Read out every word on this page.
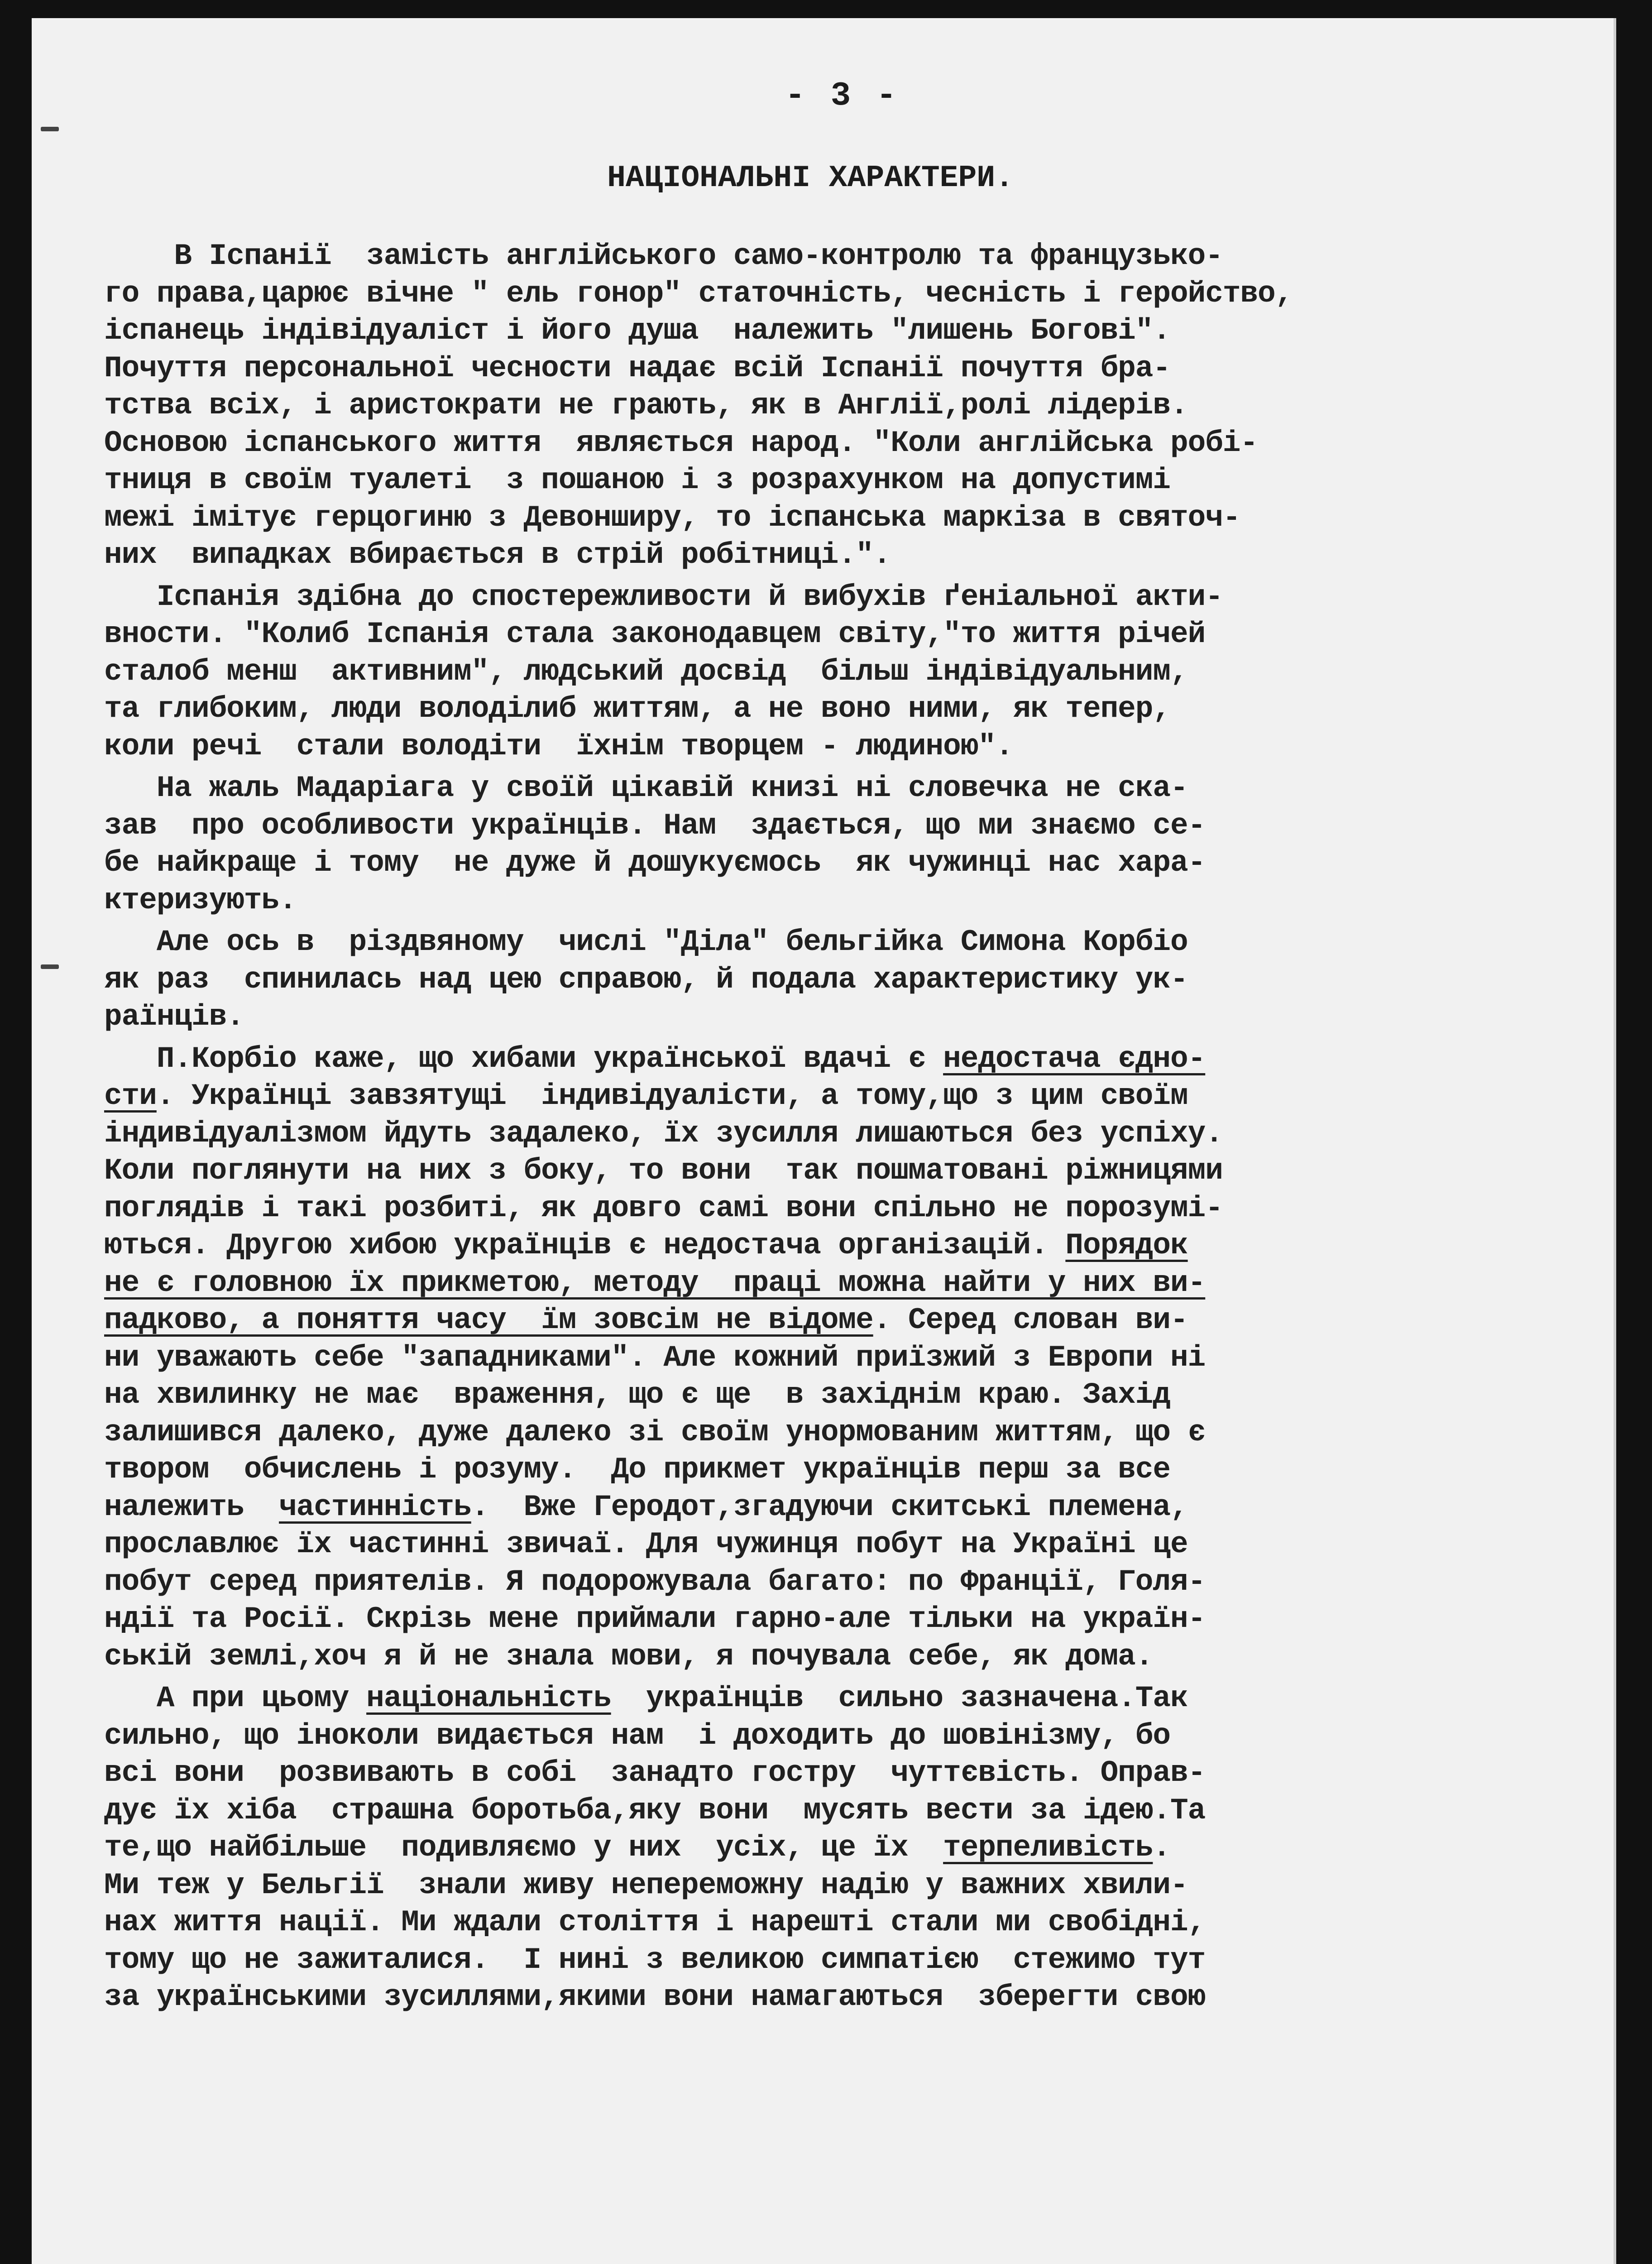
- 3 -
НАЦІОНАЛЬНІ ХАРАКТЕРИ.
В Іспанії  замість англійського само-контролю та французько-
го права,царює вічне " ель гонор" статочність, чесність і геройство,
іспанець індівідуаліст і його душа  належить "лишень Богові".
Почуття персональної чесности надає всій Іспанії почуття бра-
тства всіх, і аристократи не грають, як в Англії,ролі лідерів.
Основою іспанського життя  являється народ. "Коли англійська робі-
тниця в своїм туалеті  з пошаною і з розрахунком на допустимі
межі імітує герцогиню з Девонширу, то іспанська маркіза в святоч-
них  випадках вбирається в стрій робітниці.".
Іспанія здібна до спостережливости й вибухів ґеніальної акти-
вности. "Колиб Іспанія стала законодавцем світу,"то життя річей
сталоб менш  активним", людський досвід  більш індівідуальним,
та глибоким, люди володілиб життям, а не воно ними, як тепер,
коли речі  стали володіти  їхнім творцем - людиною".
На жаль Мадаріага у своїй цікавій книзі ні словечка не ска-
зав  про особливости українців. Нам  здається, що ми знаємо се-
бе найкраще і тому  не дуже й дошукуємось  як чужинці нас хара-
ктеризують.
Але ось в  різдвяному  числі "Діла" бельгійка Симона Корбіо
як раз  спинилась над цею справою, й подала характеристику ук-
раїнців.
П.Корбіо каже, що хибами української вдачі є недостача єдно-
сти. Українці завзятущі  індивідуалісти, а тому,що з цим своїм
індивідуалізмом йдуть задалеко, їх зусилля лишаються без успіху.
Коли поглянути на них з боку, то вони  так пошматовані ріжницями
поглядів і такі розбиті, як довго самі вони спільно не порозумі-
ються. Другою хибою українців є недостача організацій. Порядок
не є головною їх прикметою, методу  праці можна найти у них ви-
падково, а поняття часу  їм зовсім не відоме. Серед слован ви-
ни уважають себе "западниками". Але кожний приїзжий з Европи ні
на хвилинку не має  враження, що є ще  в західнім краю. Захід
залишився далеко, дуже далеко зі своїм унормованим життям, що є
твором  обчислень і розуму.  До прикмет українців перш за все
належить  частинність.  Вже Геродот,згадуючи скитські племена,
прославлює їх частинні звичаї. Для чужинця побут на Україні це
побут серед приятелів. Я подорожувала багато: по Франції, Голя-
ндії та Росії. Скрізь мене приймали гарно-але тільки на україн-
ській землі,хоч я й не знала мови, я почувала себе, як дома.
А при цьому національність  українців  сильно зазначена.Так
сильно, що іноколи видається нам  і доходить до шовінізму, бо
всі вони  розвивають в собі  занадто гостру  чуттєвість. Оправ-
дує їх хіба  страшна боротьба,яку вони  мусять вести за ідею.Та
те,що найбільше  подивляємо у них  усіх, це їх  терпеливість.
Ми теж у Бельгії  знали живу непереможну надію у важних хвили-
нах життя нації. Ми ждали століття і нарешті стали ми свобідні,
тому що не зажиталися.  І нині з великою симпатією  стежимо тут
за українськими зусиллями,якими вони намагаються  зберегти свою
